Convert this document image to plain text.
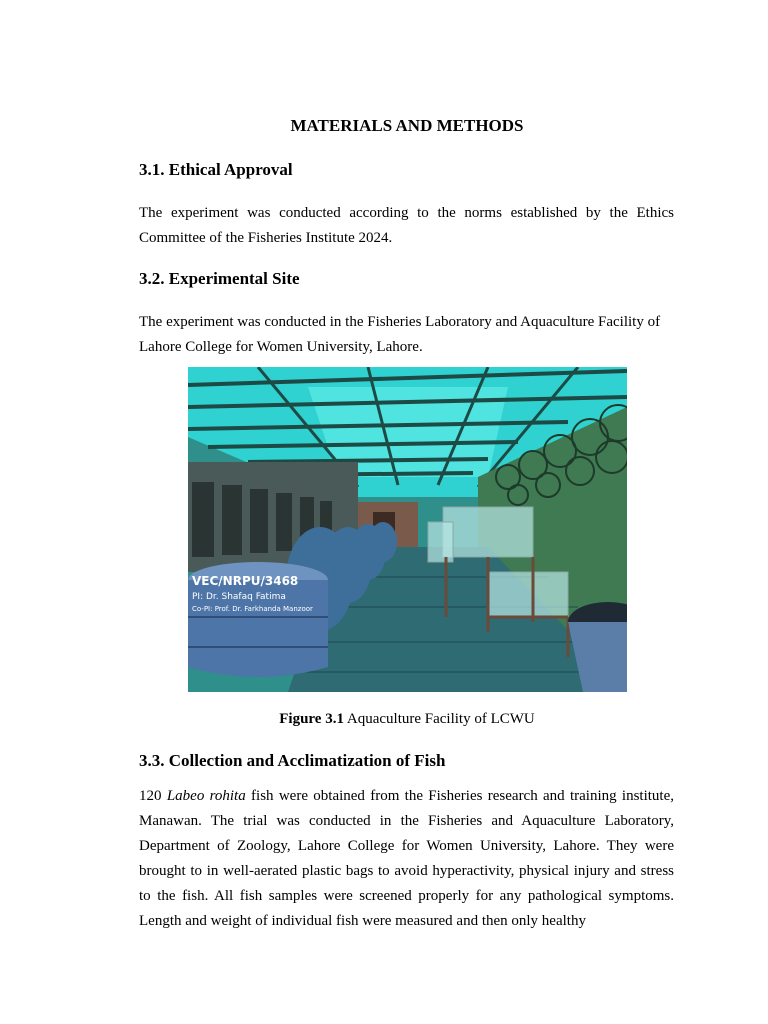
MATERIALS AND METHODS
3.1. Ethical Approval

The experiment was conducted according to the norms established by the Ethics Committee of the Fisheries Institute 2024.

3.2. Experimental Site

The experiment was conducted in the Fisheries Laboratory and Aquaculture Facility of Lahore College for Women University, Lahore.

VEC/NRPU/3468
PI: Dr. Shafaq Fatima
Co-PI: Prof. Dr. Farkhanda Manzoor

Figure 3.1 Aquaculture Facility of LCWU

3.3. Collection and Acclimatization of Fish

120 Labeo rohita fish were obtained from the Fisheries research and training institute, Manawan. The trial was conducted in the Fisheries and Aquaculture Laboratory, Department of Zoology, Lahore College for Women University, Lahore. They were brought to in well-aerated plastic bags to avoid hyperactivity, physical injury and stress to the fish. All fish samples were screened properly for any pathological symptoms. Length and weight of individual fish were measured and then only healthy
